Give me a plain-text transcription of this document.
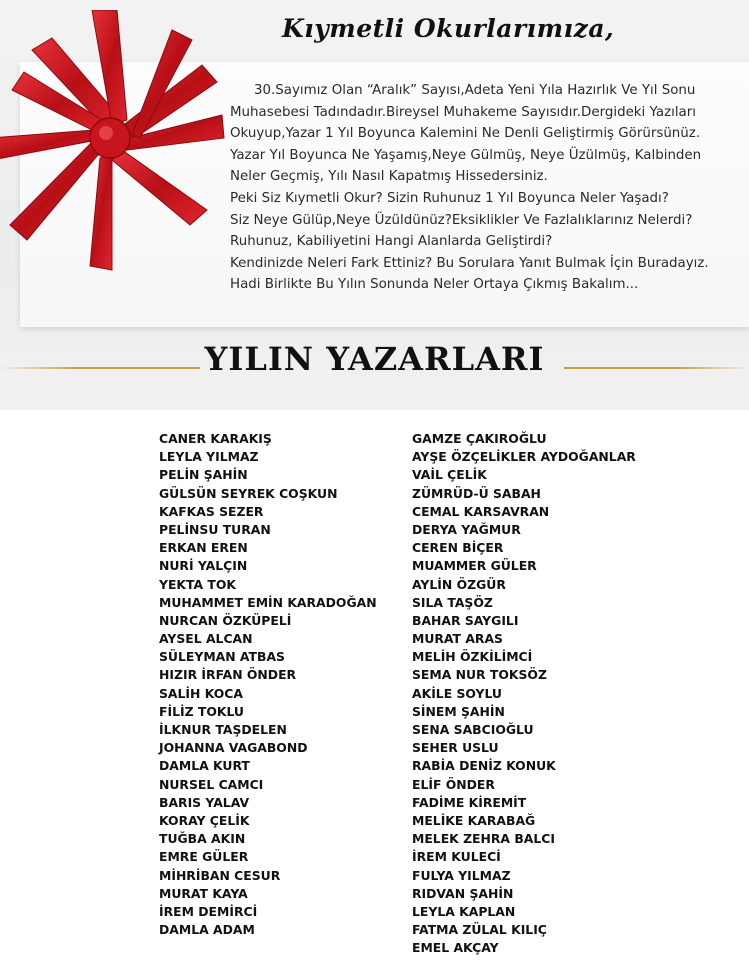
Kıymetli Okurlarımıza,

30.Sayımız Olan “Aralık” Sayısı,Adeta Yeni Yıla Hazırlık Ve Yıl Sonu

Muhasebesi Tadındadır.Bireysel Muhakeme Sayısıdır.Dergideki Yazıları

Okuyup,Yazar 1 Yıl Boyunca Kalemini Ne Denli Geliştirmiş Görürsünüz.

Yazar Yıl Boyunca Ne Yaşamış,Neye Gülmüş, Neye Üzülmüş, Kalbinden

Neler Geçmiş, Yılı Nasıl Kapatmış Hissedersiniz.

Peki Siz Kıymetli Okur? Sizin Ruhunuz 1 Yıl Boyunca Neler Yaşadı?

Siz Neye Gülüp,Neye Üzüldünüz?Eksiklikler Ve Fazlalıklarınız Nelerdi?

Ruhunuz, Kabiliyetini Hangi Alanlarda Geliştirdi?

Kendinizde Neleri Fark Ettiniz? Bu Sorulara Yanıt Bulmak İçin Buradayız.

Hadi Birlikte Bu Yılın Sonunda Neler Ortaya Çıkmış Bakalım...

YILIN YAZARLARI
CANER KARAKIŞ
LEYLA YILMAZ
PELİN ŞAHİN
GÜLSÜN SEYREK COŞKUN
KAFKAS SEZER
PELİNSU TURAN
ERKAN EREN
NURİ YALÇIN
YEKTA TOK
MUHAMMET EMİN KARADOĞAN
NURCAN ÖZKÜPELİ
AYSEL ALCAN
SÜLEYMAN ATBAS
HIZIR İRFAN ÖNDER
SALİH KOCA
FİLİZ TOKLU
İLKNUR TAŞDELEN
JOHANNA VAGABOND
DAMLA KURT
NURSEL CAMCI
BARIS YALAV
KORAY ÇELİK
TUĞBA AKIN
EMRE GÜLER
MİHRİBAN CESUR
MURAT KAYA
İREM DEMİRCİ
DAMLA ADAM
GAMZE ÇAKIROĞLU
AYŞE ÖZÇELİKLER AYDOĞANLAR
VAİL ÇELİK
ZÜMRÜD-Ü SABAH
CEMAL KARSAVRAN
DERYA YAĞMUR
CEREN BİÇER
MUAMMER GÜLER
AYLİN ÖZGÜR
SILA TAŞÖZ
BAHAR SAYGILI
MURAT ARAS
MELİH ÖZKİLİMCİ
SEMA NUR TOKSÖZ
AKİLE SOYLU
SİNEM ŞAHİN
SENA SABCIOĞLU
SEHER USLU
RABİA DENİZ KONUK
ELİF ÖNDER
FADİME KİREMİT
MELİKE KARABAĞ
MELEK ZEHRA BALCI
İREM KULECİ
FULYA YILMAZ
RIDVAN ŞAHİN
LEYLA KAPLAN
FATMA ZÜLAL KILIÇ
EMEL AKÇAY
